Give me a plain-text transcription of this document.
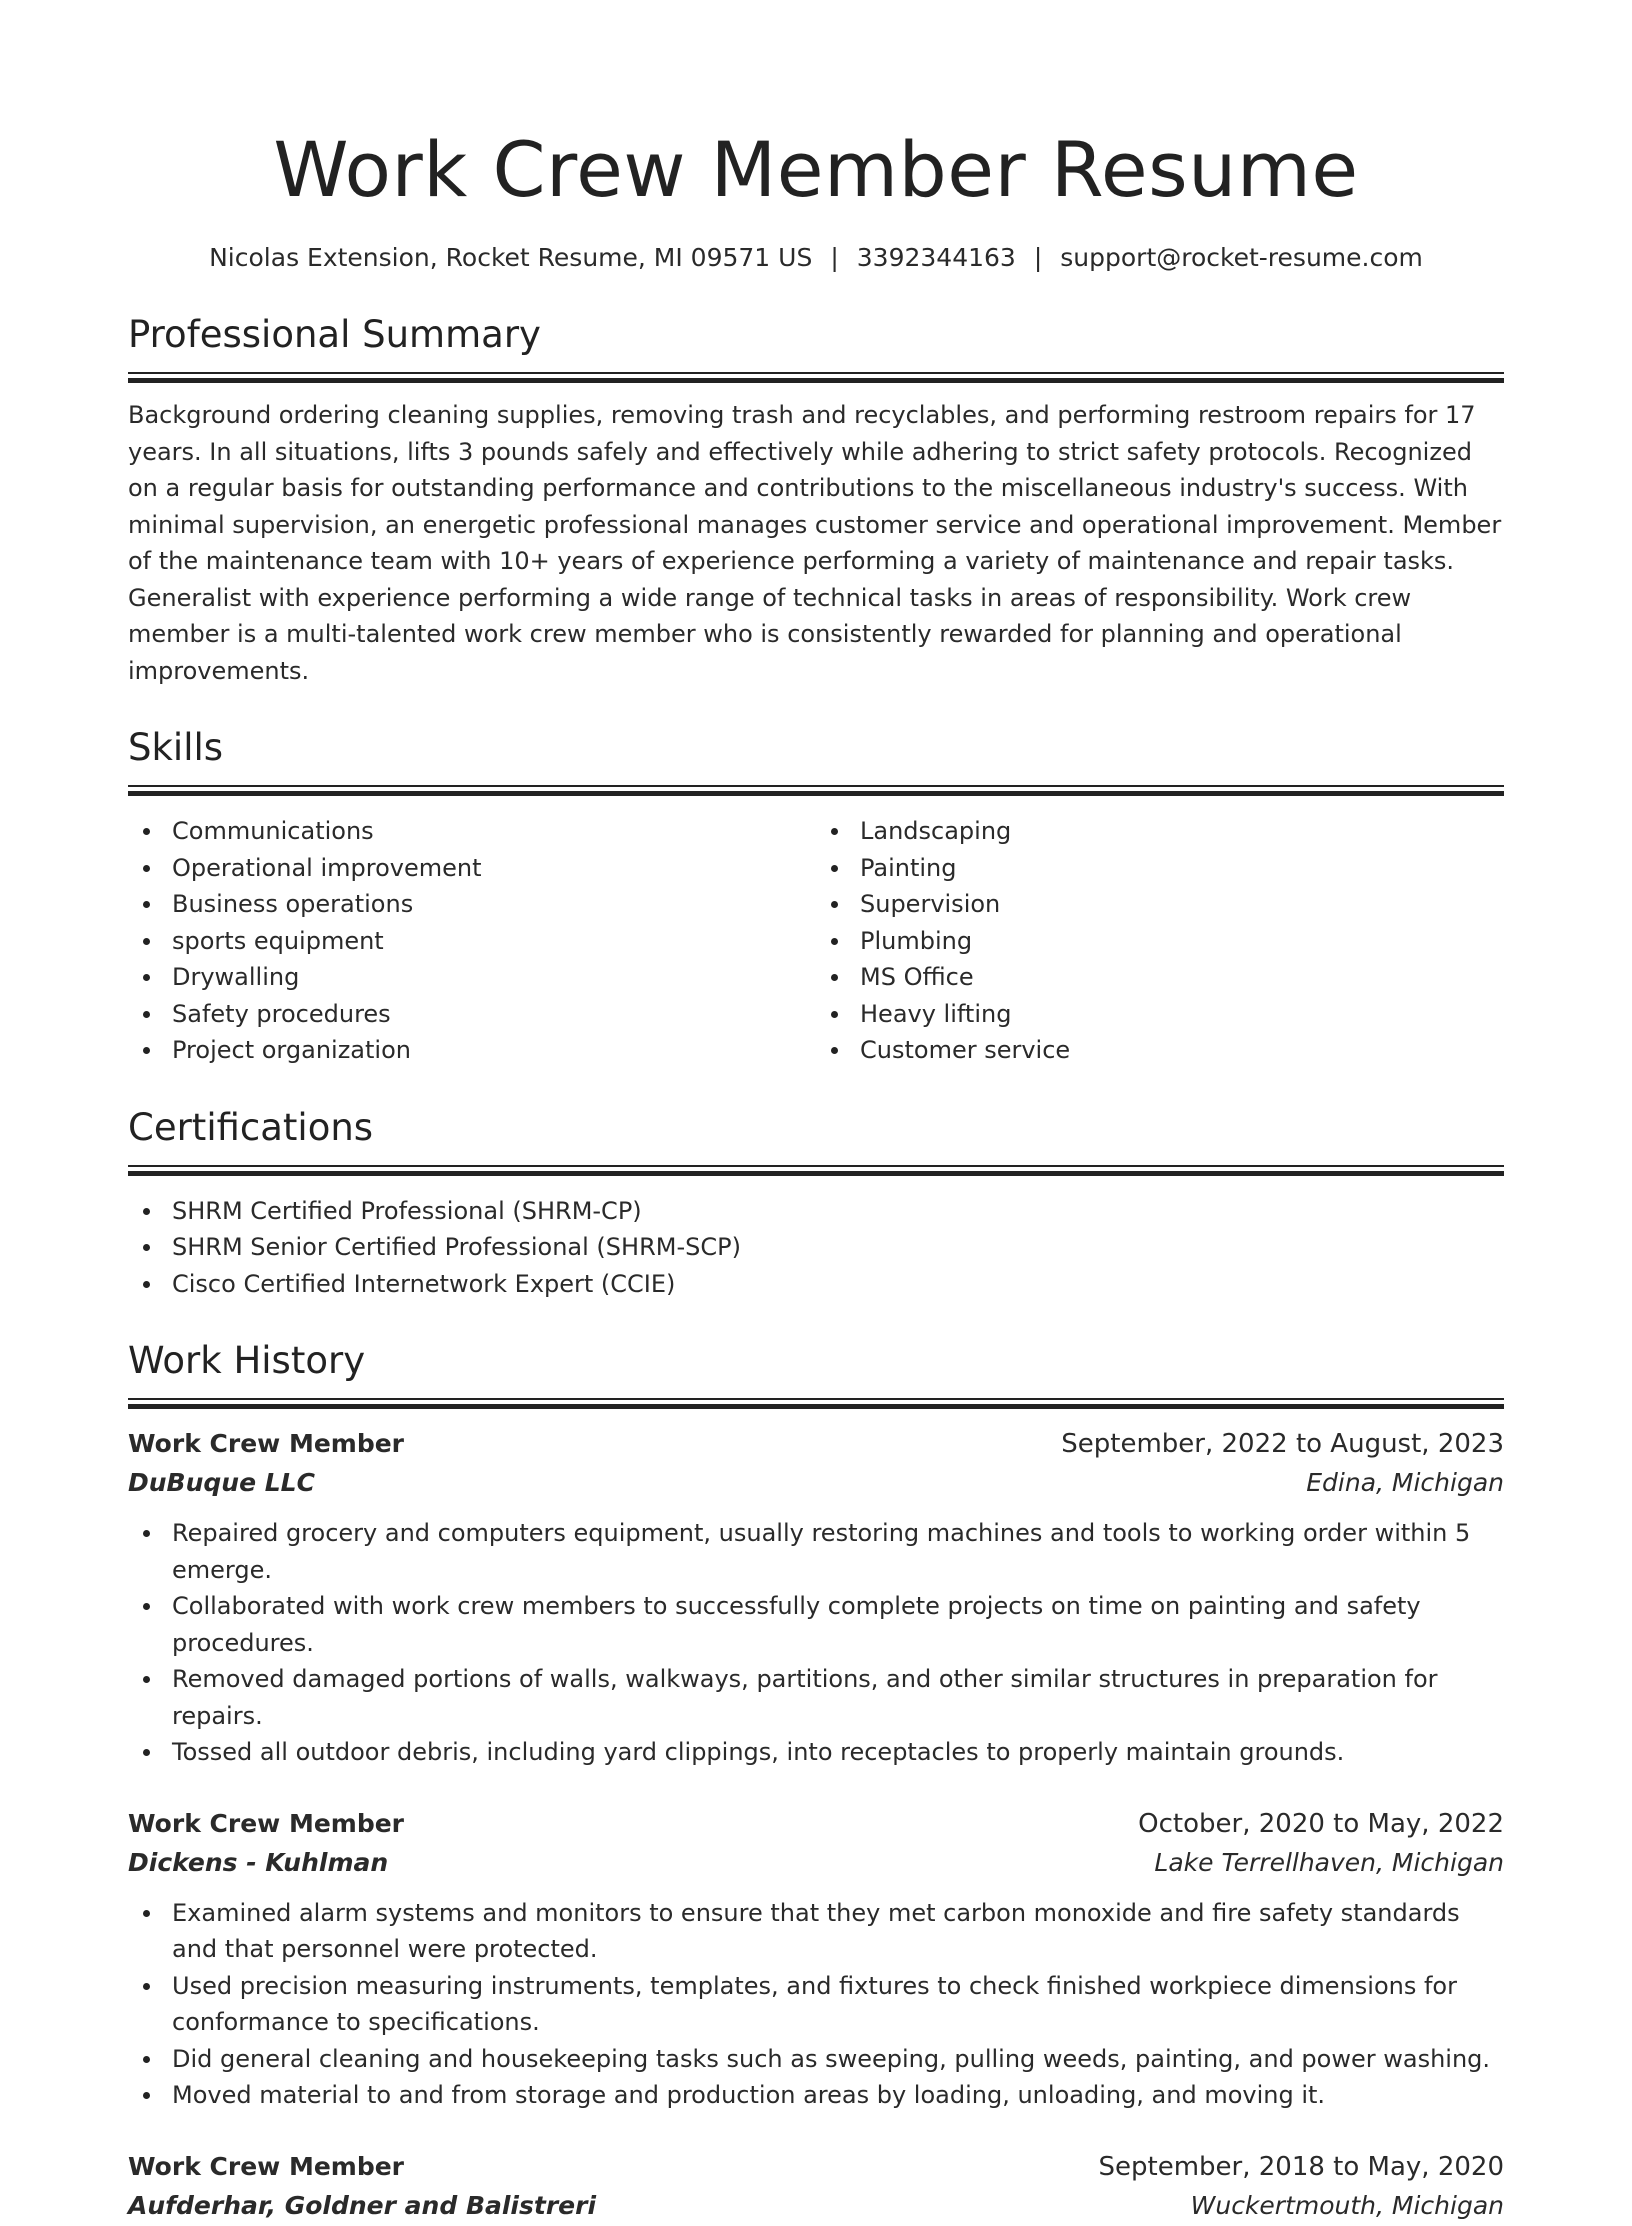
Work Crew Member Resume
Nicolas Extension, Rocket Resume, MI 09571 US | 3392344163 | support@rocket-resume.com
Professional Summary
Background ordering cleaning supplies, removing trash and recyclables, and performing restroom repairs for 17 years. In all situations, lifts 3 pounds safely and effectively while adhering to strict safety protocols. Recognized on a regular basis for outstanding performance and contributions to the miscellaneous industry's success. With minimal supervision, an energetic professional manages customer service and operational improvement. Member of the maintenance team with 10+ years of experience performing a variety of maintenance and repair tasks. Generalist with experience performing a wide range of technical tasks in areas of responsibility. Work crew member is a multi-talented work crew member who is consistently rewarded for planning and operational improvements.
Skills
Communications
Operational improvement
Business operations
sports equipment
Drywalling
Safety procedures
Project organization
Landscaping
Painting
Supervision
Plumbing
MS Office
Heavy lifting
Customer service
Certifications
SHRM Certified Professional (SHRM-CP)
SHRM Senior Certified Professional (SHRM-SCP)
Cisco Certified Internetwork Expert (CCIE)
Work History
Work Crew Member	September, 2022 to August, 2023
DuBuque LLC	Edina, Michigan
Repaired grocery and computers equipment, usually restoring machines and tools to working order within 5 emerge.
Collaborated with work crew members to successfully complete projects on time on painting and safety procedures.
Removed damaged portions of walls, walkways, partitions, and other similar structures in preparation for repairs.
Tossed all outdoor debris, including yard clippings, into receptacles to properly maintain grounds.
Work Crew Member	October, 2020 to May, 2022
Dickens - Kuhlman	Lake Terrellhaven, Michigan
Examined alarm systems and monitors to ensure that they met carbon monoxide and fire safety standards and that personnel were protected.
Used precision measuring instruments, templates, and fixtures to check finished workpiece dimensions for conformance to specifications.
Did general cleaning and housekeeping tasks such as sweeping, pulling weeds, painting, and power washing.
Moved material to and from storage and production areas by loading, unloading, and moving it.
Work Crew Member	September, 2018 to May, 2020
Aufderhar, Goldner and Balistreri	Wuckertmouth, Michigan
